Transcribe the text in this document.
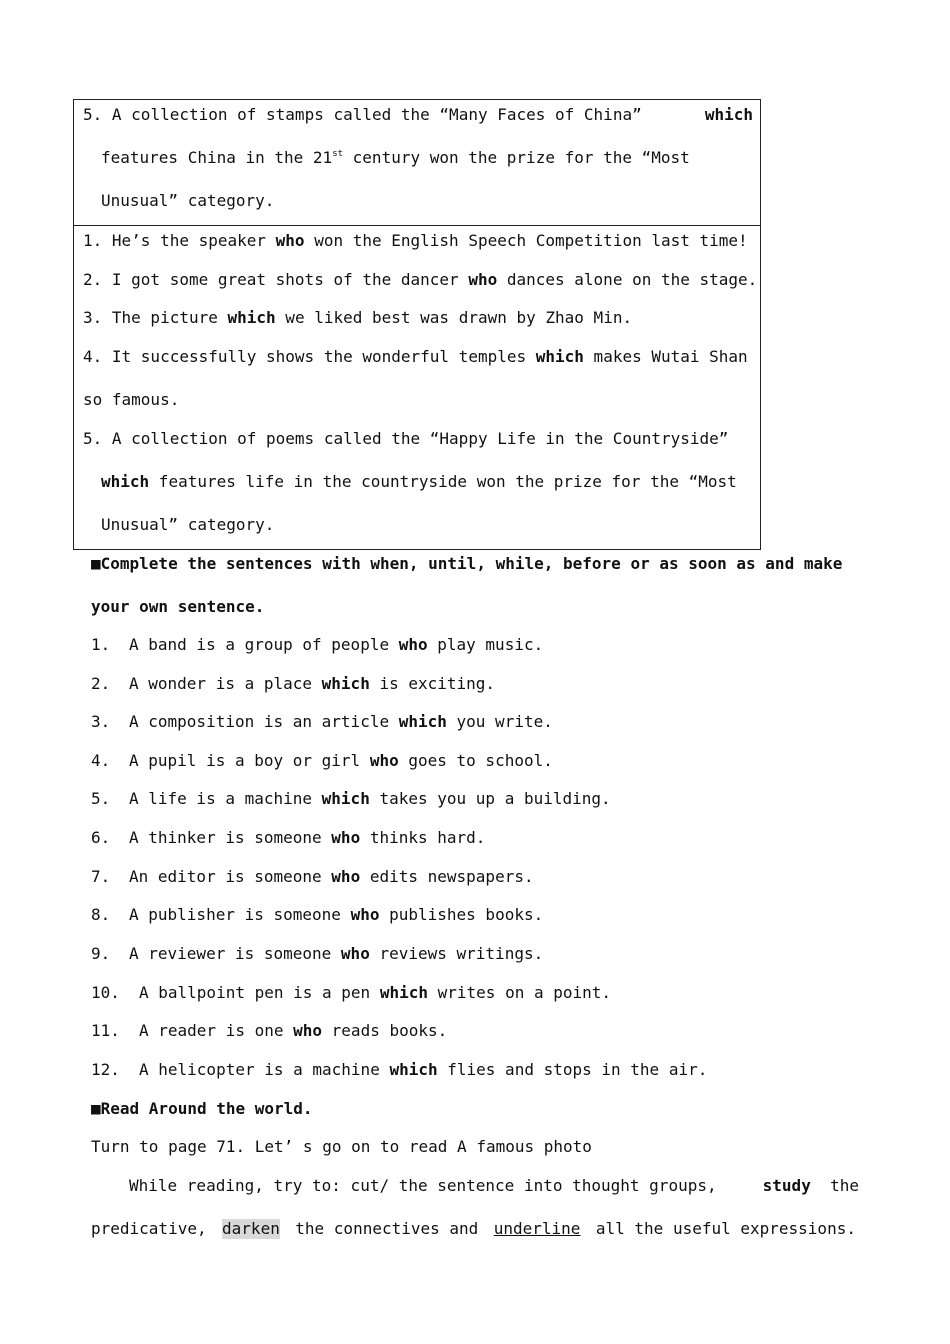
5. A collection of stamps called the “Many Faces of China”	which
features China in the 21st century won the prize for the “Most
Unusual” category.
1. He’s the speaker who won the English Speech Competition last time!
2. I got some great shots of the dancer who dances alone on the stage.
3. The picture which we liked best was drawn by Zhao Min.
4. It successfully shows the wonderful temples which makes Wutai Shan
so famous.
5. A collection of poems called the “Happy Life in the Countryside”
which features life in the countryside won the prize for the “Most
Unusual” category.
■Complete the sentences with when, until, while, before or as soon as and make
your own sentence.
1. A band is a group of people who play music.
2. A wonder is a place which is exciting.
3. A composition is an article which you write.
4. A pupil is a boy or girl who goes to school.
5. A life is a machine which takes you up a building.
6. A thinker is someone who thinks hard.
7. An editor is someone who edits newspapers.
8. A publisher is someone who publishes books.
9. A reviewer is someone who reviews writings.
10. A ballpoint pen is a pen which writes on a point.
11. A reader is one who reads books.
12. A helicopter is a machine which flies and stops in the air.
■Read Around the world.
Turn to page 71. Let’ s go on to read A famous photo
While reading, try to: cut/ the sentence into thought groups,	study the
predicative, darken the connectives and underline all the useful expressions.
